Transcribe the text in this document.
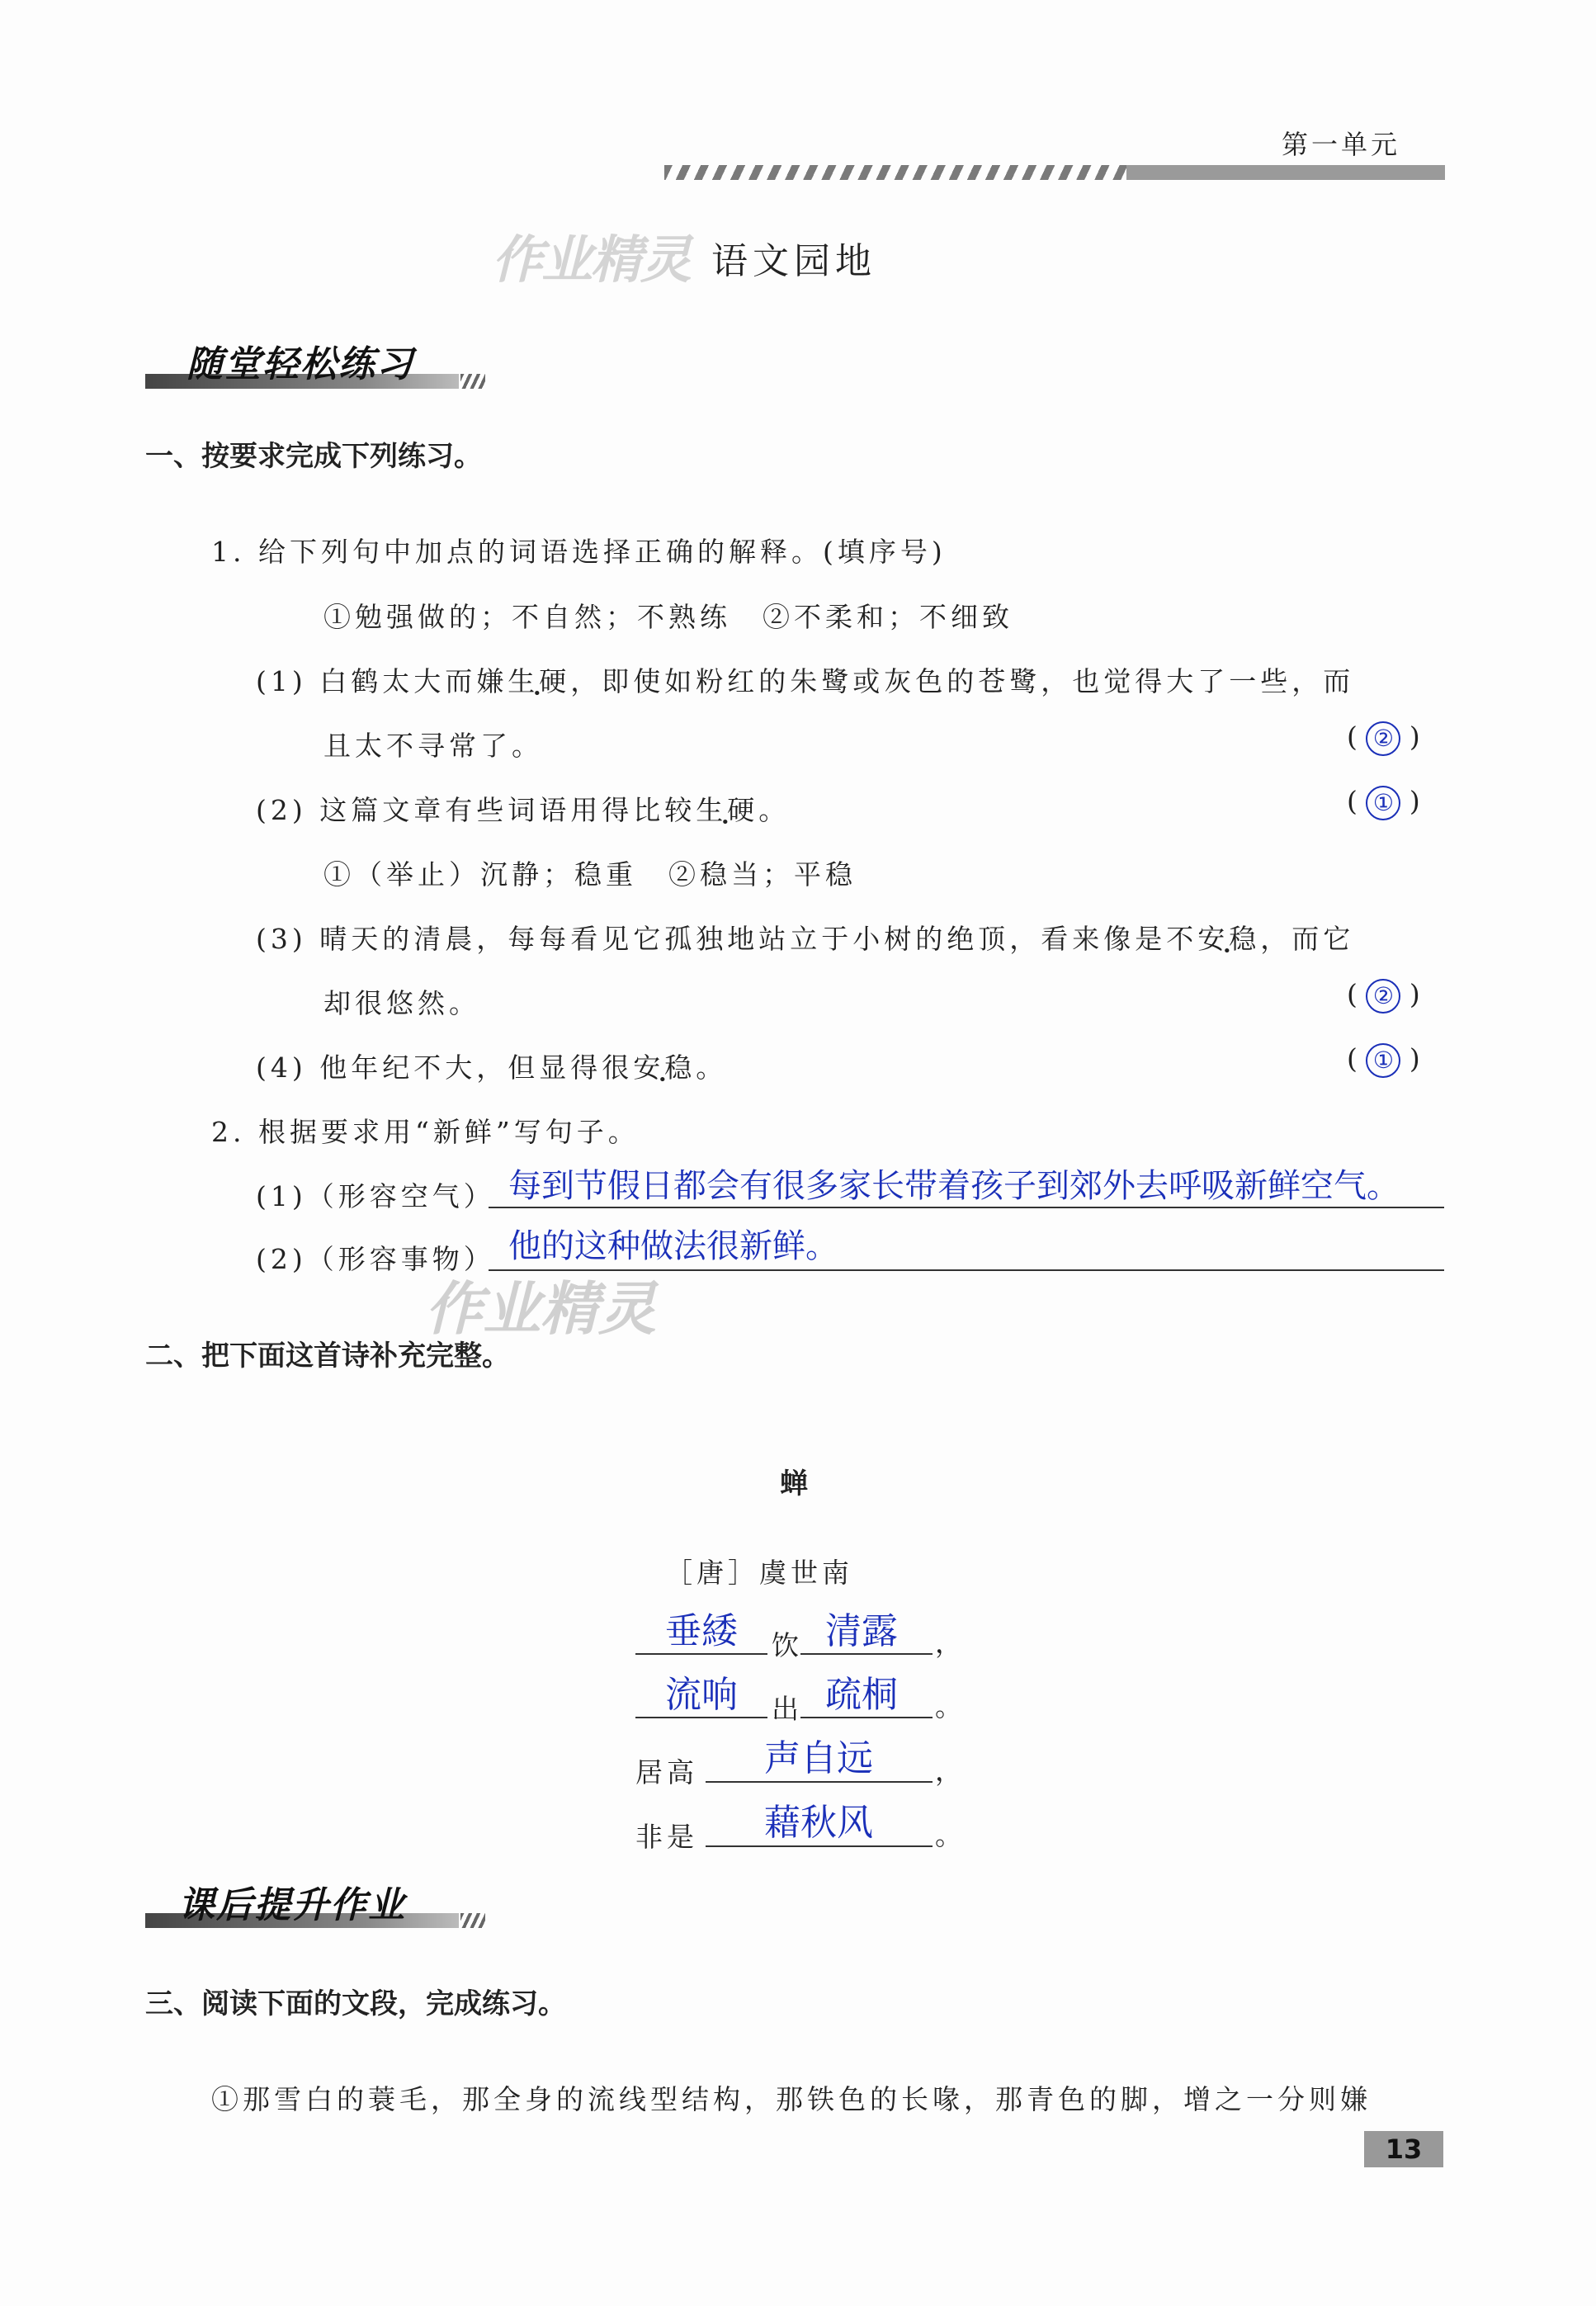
第一单元
作业精灵 语文园地
随堂轻松练习
一、按要求完成下列练习。
1. 给下列句中加点的词语选择正确的解释。(填序号)
①勉强做的；不自然；不熟练　②不柔和；不细致
(1) 白鹤太大而嫌生硬，即使如粉红的朱鹭或灰色的苍鹭，也觉得大了一些，而
且太不寻常了。	( ② )
(2) 这篇文章有些词语用得比较生硬。	( ① )
①（举止）沉静；稳重　②稳当；平稳
(3) 晴天的清晨，每每看见它孤独地站立于小树的绝顶，看来像是不安稳，而它
却很悠然。	( ② )
(4) 他年纪不大，但显得很安稳。	( ① )
2. 根据要求用“新鲜”写句子。
(1)（形容空气） 每到节假日都会有很多家长带着孩子到郊外去呼吸新鲜空气。
(2)（形容事物） 他的这种做法很新鲜。
作业精灵
二、把下面这首诗补充完整。
蝉
［唐］虞世南
垂緌 饮 清露 ，
流响 出 疏桐 。
居高 声自远 ，
非是 藉秋风 。
课后提升作业
三、阅读下面的文段，完成练习。
①那雪白的蓑毛，那全身的流线型结构，那铁色的长喙，那青色的脚，增之一分则嫌
13
